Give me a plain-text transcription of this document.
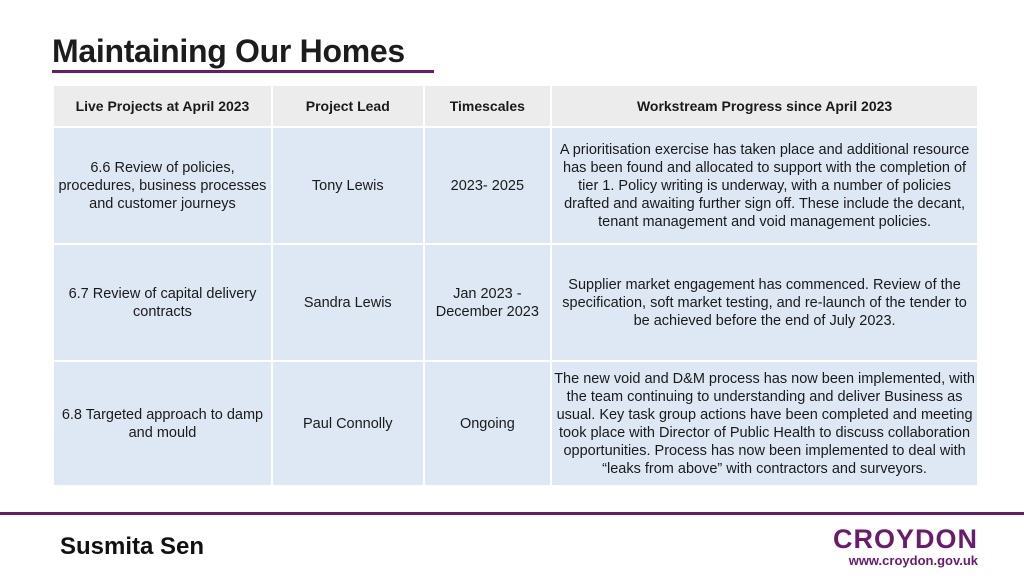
Maintaining Our Homes
Live Projects at April 2023	Project Lead	Timescales	Workstream Progress since April 2023
6.6 Review of policies, procedures, business processes and customer journeys	Tony Lewis	2023- 2025	A prioritisation exercise has taken place and additional resource has been found and allocated to support with the completion of tier 1. Policy writing is underway, with a number of policies drafted and awaiting further sign off. These include the decant, tenant management and void management policies.
6.7 Review of capital delivery contracts	Sandra Lewis	Jan 2023 - December 2023	Supplier market engagement has commenced. Review of the specification, soft market testing, and re-launch of the tender to be achieved before the end of July 2023.
6.8 Targeted approach to damp and mould	Paul Connolly	Ongoing	The new void and D&M process has now been implemented, with the team continuing to understanding and deliver Business as usual. Key task group actions have been completed and meeting took place with Director of Public Health to discuss collaboration opportunities. Process has now been implemented to deal with “leaks from above” with contractors and surveyors.
Susmita Sen	CROYDON
www.croydon.gov.uk
